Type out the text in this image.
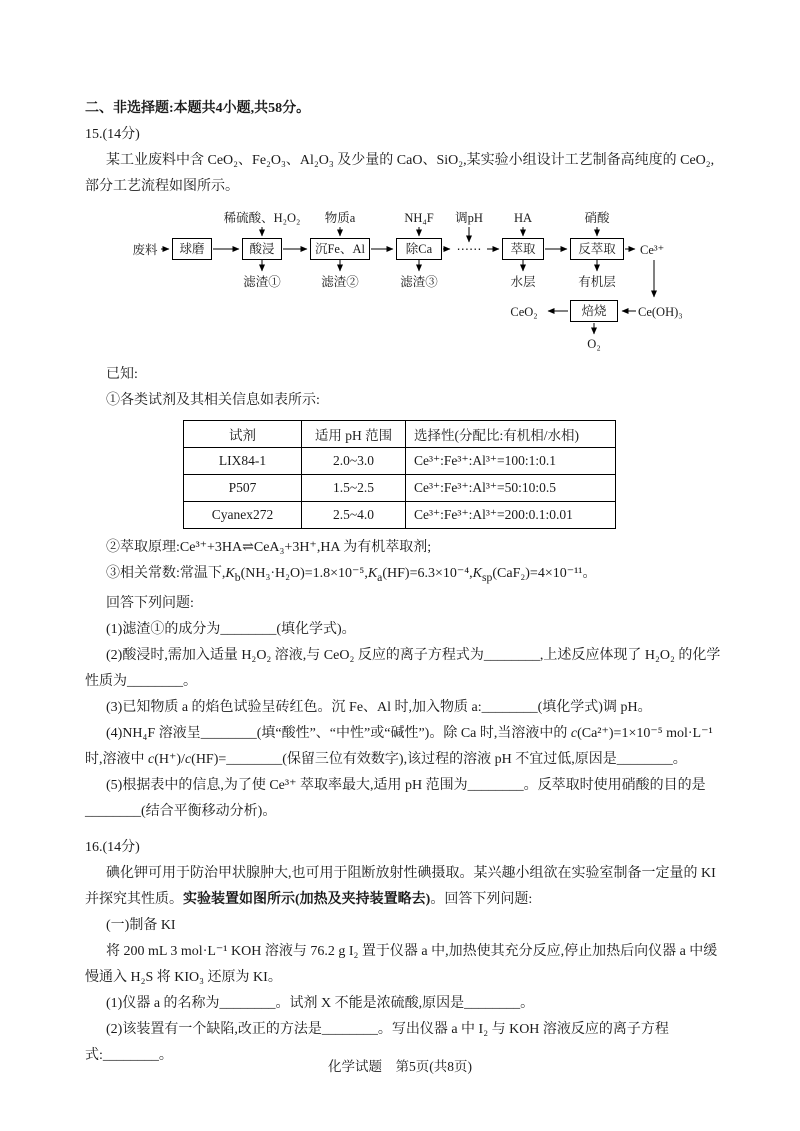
二、非选择题:本题共4小题,共58分。

15.(14分)

某工业废料中含 CeO₂、Fe₂O₃、Al₂O₃ 及少量的 CaO、SiO₂,某实验小组设计工艺制备高纯度的 CeO₂,部分工艺流程如图所示。

稀硫酸、H₂O₂	物质a	NH₄F	调pH	HA	硝酸
废料	球磨	酸浸	沉Fe、Al	除Ca	⋯⋯	萃取	反萃取	Ce³⁺
滤渣①	滤渣②	滤渣③	水层	有机层
CeO₂	焙烧	Ce(OH)₃
O₂

已知:

①各类试剂及其相关信息如表所示:

试剂	适用 pH 范围	选择性(分配比:有机相/水相)
LIX84-1	2.0~3.0	Ce³⁺:Fe³⁺:Al³⁺=100:1:0.1
P507	1.5~2.5	Ce³⁺:Fe³⁺:Al³⁺=50:10:0.5
Cyanex272	2.5~4.0	Ce³⁺:Fe³⁺:Al³⁺=200:0.1:0.01

②萃取原理:Ce³⁺+3HA⇌CeA₃+3H⁺,HA 为有机萃取剂;

③相关常数:常温下$,K_b(NH_3\cdot H_2O)=1.8\times 10^{-5},K_a(HF)=6.3\times 10^{-4},K_{sp}(CaF_2)=4\times 10^{-11}$。

回答下列问题:

(1)滤渣①的成分为________(填化学式)。

(2)酸浸时,需加入适量 H₂O₂ 溶液,与 CeO₂ 反应的离子方程式为________,上述反应体现了 H₂O₂ 的化学性质为________。

(3)已知物质 a 的焰色试验呈砖红色。沉 Fe、Al 时,加入物质 a:________(填化学式)调 pH。

(4)NH₄F 溶液呈________(填“酸性”、“中性”或“碱性”)。除 Ca 时,当溶液中的 c(Ca²⁺)=1×10⁻⁵ mol·L⁻¹ 时,溶液中 c(H⁺)/c(HF)=________(保留三位有效数字),该过程的溶液 pH 不宜过低,原因是________。

(5)根据表中的信息,为了使 Ce³⁺ 萃取率最大,适用 pH 范围为________。反萃取时使用硝酸的目的是________(结合平衡移动分析)。

16.(14分)

碘化钾可用于防治甲状腺肿大,也可用于阻断放射性碘摄取。某兴趣小组欲在实验室制备一定量的 KI 并探究其性质。实验装置如图所示(加热及夹持装置略去)。回答下列问题:

(一)制备 KI

将 200 mL 3 mol·L⁻¹ KOH 溶液与 76.2 g I₂ 置于仪器 a 中,加热使其充分反应,停止加热后向仪器 a 中缓慢通入 H₂S 将 KIO₃ 还原为 KI。

(1)仪器 a 的名称为________。试剂 X 不能是浓硫酸,原因是________。

(2)该装置有一个缺陷,改正的方法是________。写出仪器 a 中 I₂ 与 KOH 溶液反应的离子方程式:________。

化学试题　第5页(共8页)
